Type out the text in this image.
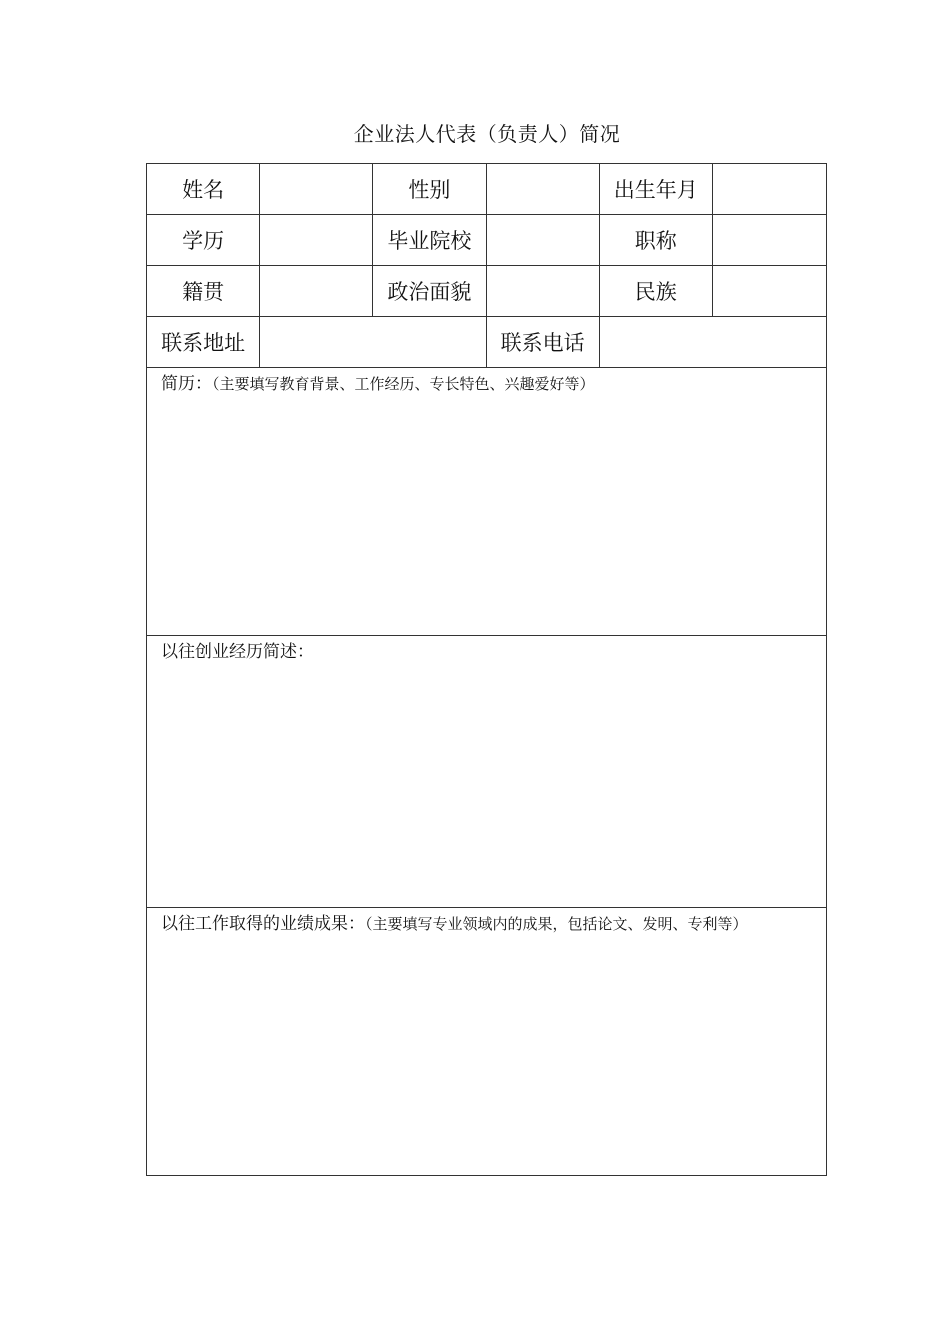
企业法人代表（负责人）简况
姓名	性别	出生年月
学历	毕业院校	职称
籍贯	政治面貌	民族
联系地址	联系电话
简历：（主要填写教育背景、工作经历、专长特色、兴趣爱好等）
以往创业经历简述：
以往工作取得的业绩成果：（主要填写专业领域内的成果，包括论文、发明、专利等）
